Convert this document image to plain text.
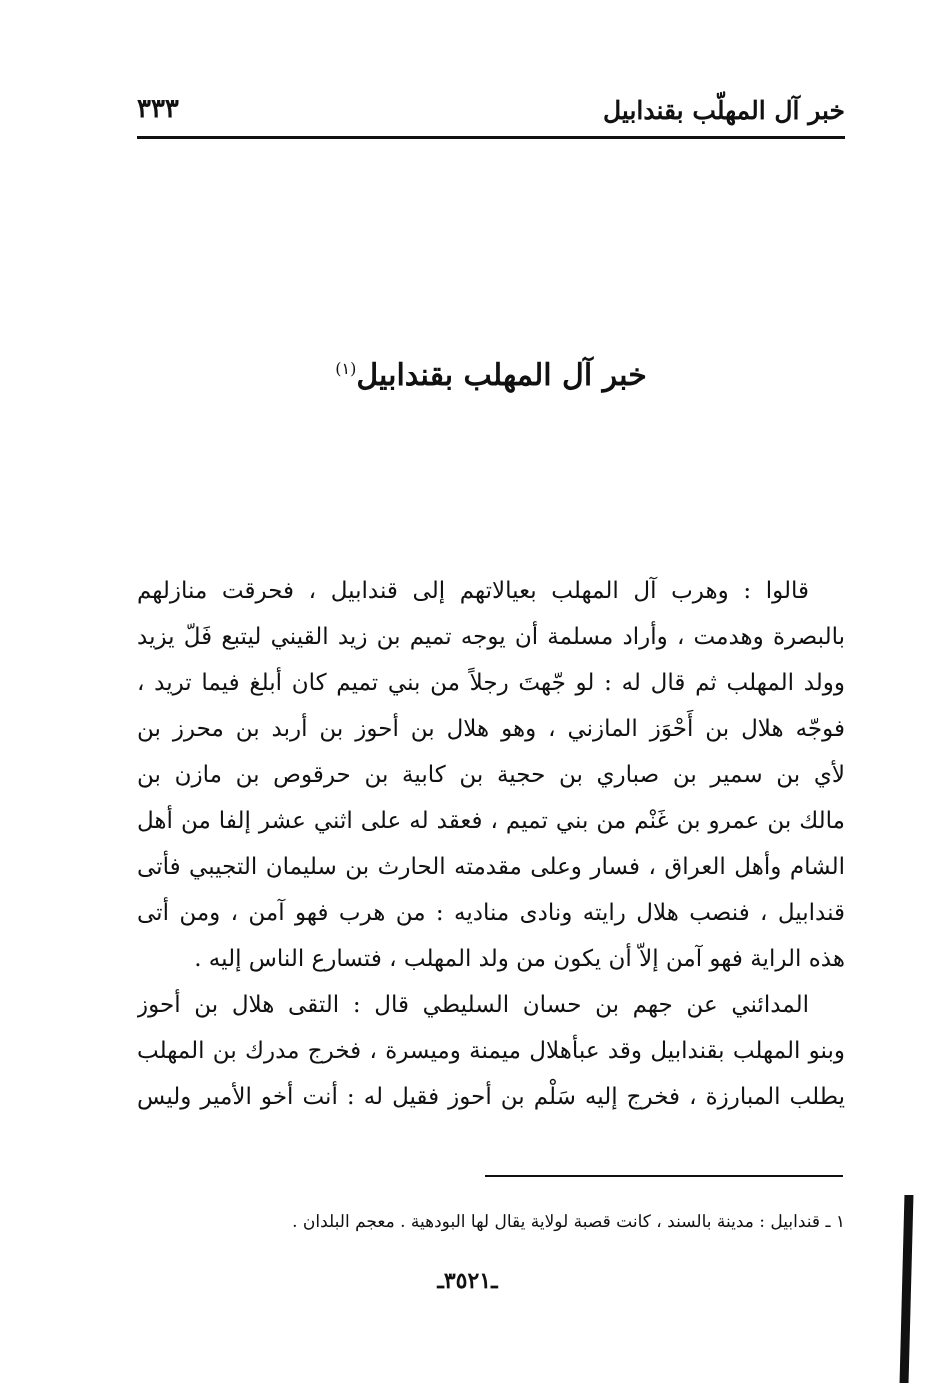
خبر آل المهلّب بقندابيل
٣٣٣
خبر آل المهلب بقندابيل$^{(١)}$
قالوا : وهرب آل المهلب بعيالاتهم إلى قندابيل ، فحرقت منازلهم
بالبصرة وهدمت ، وأراد مسلمة أن يوجه تميم بن زيد القيني ليتبع فَلّ يزيد
وولد المهلب ثم قال له : لو جّهتَ رجلاً من بني تميم كان أبلغ فيما تريد ،
فوجّه هلال بن أَحْوَز المازني ، وهو هلال بن أحوز بن أربد بن محرز بن
لأي بن سمير بن صباري بن حجية بن كابية بن حرقوص بن مازن بن
مالك بن عمرو بن غَنْم من بني تميم ، فعقد له على اثني عشر إلفا من أهل
الشام وأهل العراق ، فسار وعلى مقدمته الحارث بن سليمان التجيبي فأتى
قندابيل ، فنصب هلال رايته ونادى مناديه : من هرب فهو آمن ، ومن أتى
هذه الراية فهو آمن إلاّ أن يكون من ولد المهلب ، فتسارع الناس إليه .
المدائني عن جهم بن حسان السليطي قال : التقى هلال بن أحوز
وبنو المهلب بقندابيل وقد عبأهلال ميمنة وميسرة ، فخرج مدرك بن المهلب
يطلب المبارزة ، فخرج إليه سَلْم بن أحوز فقيل له : أنت أخو الأمير وليس
١ ـ قندابيل : مدينة بالسند ، كانت قصبة لولاية يقال لها البودهية . معجم البلدان .
ـ٣٥٢١ـ
